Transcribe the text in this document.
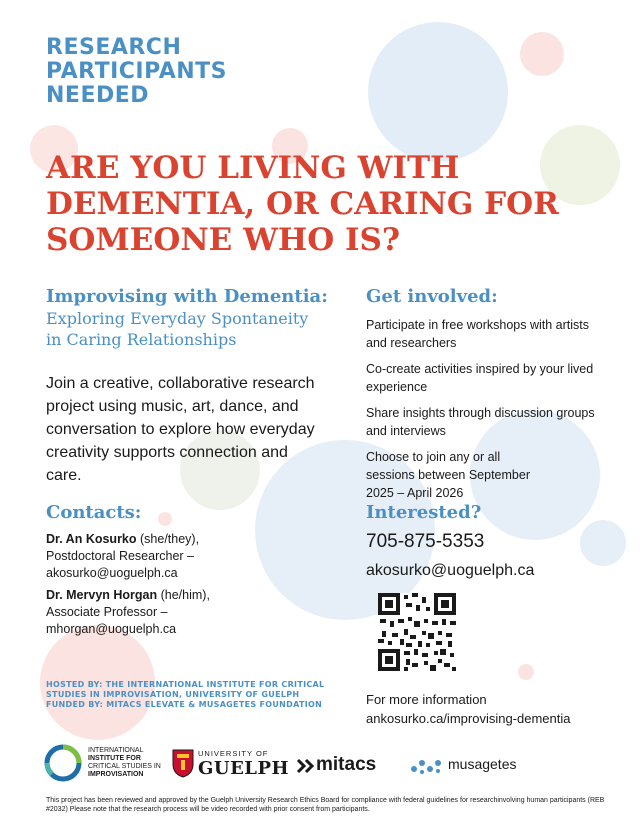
RESEARCH
PARTICIPANTS
NEEDED
ARE YOU LIVING WITH
DEMENTIA, OR CARING FOR
SOMEONE WHO IS?
Improvising with Dementia:
Exploring Everyday Spontaneity
in Caring Relationships
Join a creative, collaborative research project using music, art, dance, and conversation to explore how everyday creativity supports connection and care.
Get involved:
Participate in free workshops with artists and researchers
Co-create activities inspired by your lived experience
Share insights through discussion groups and interviews
Choose to join any or all sessions between September 2025 – April 2026
Contacts:
Dr. An Kosurko (she/they),
Postdoctoral Researcher –
akosurko@uoguelph.ca
Dr. Mervyn Horgan (he/him),
Associate Professor –
mhorgan@uoguelph.ca
Interested?
705-875-5353
akosurko@uoguelph.ca
For more information
ankosurko.ca/improvising-dementia
HOSTED BY: THE INTERNATIONAL INSTITUTE FOR CRITICAL STUDIES IN IMPROVISATION, UNIVERSITY OF GUELPH FUNDED BY: MITACS ELEVATE & MUSAGETES FOUNDATION
INTERNATIONAL
INSTITUTE FOR
CRITICAL STUDIES IN
IMPROVISATION
UNIVERSITY OF
GUELPH mitacs	musagetes
This project has been reviewed and approved by the Guelph University Research Ethics Board for compliance with federal guidelines for researchinvolving human participants (REB #2032) Please note that the research process will be video recorded with prior consent from participants.
